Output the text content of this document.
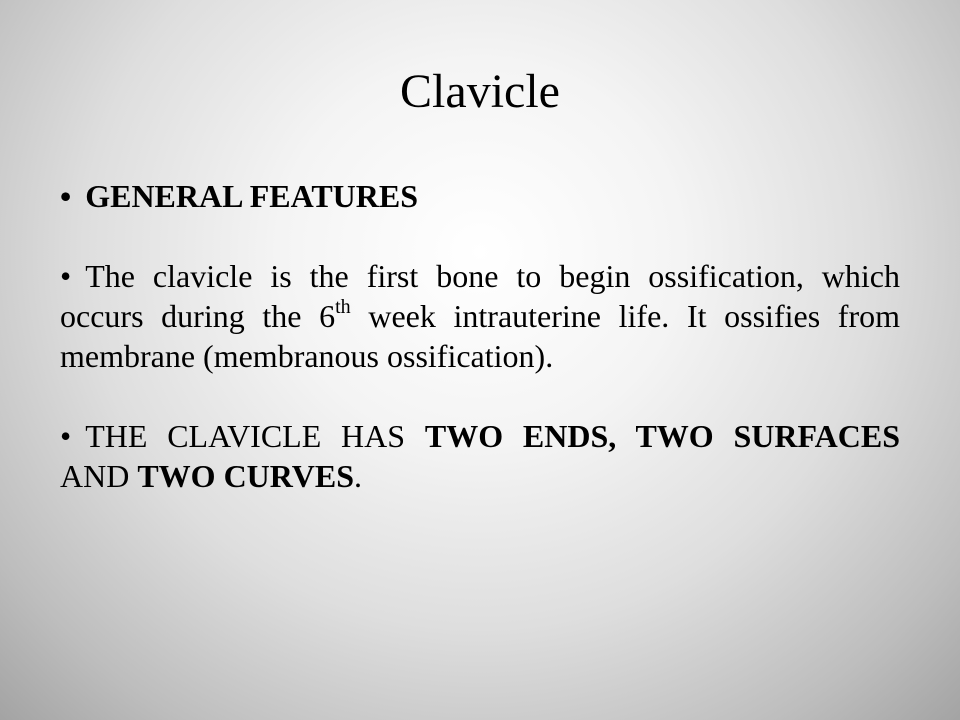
Clavicle

• GENERAL FEATURES

• The clavicle is the first bone to begin ossification, which occurs during the 6th week intrauterine life. It ossifies from membrane (membranous ossification).

• THE CLAVICLE HAS TWO ENDS, TWO SURFACES AND TWO CURVES.
